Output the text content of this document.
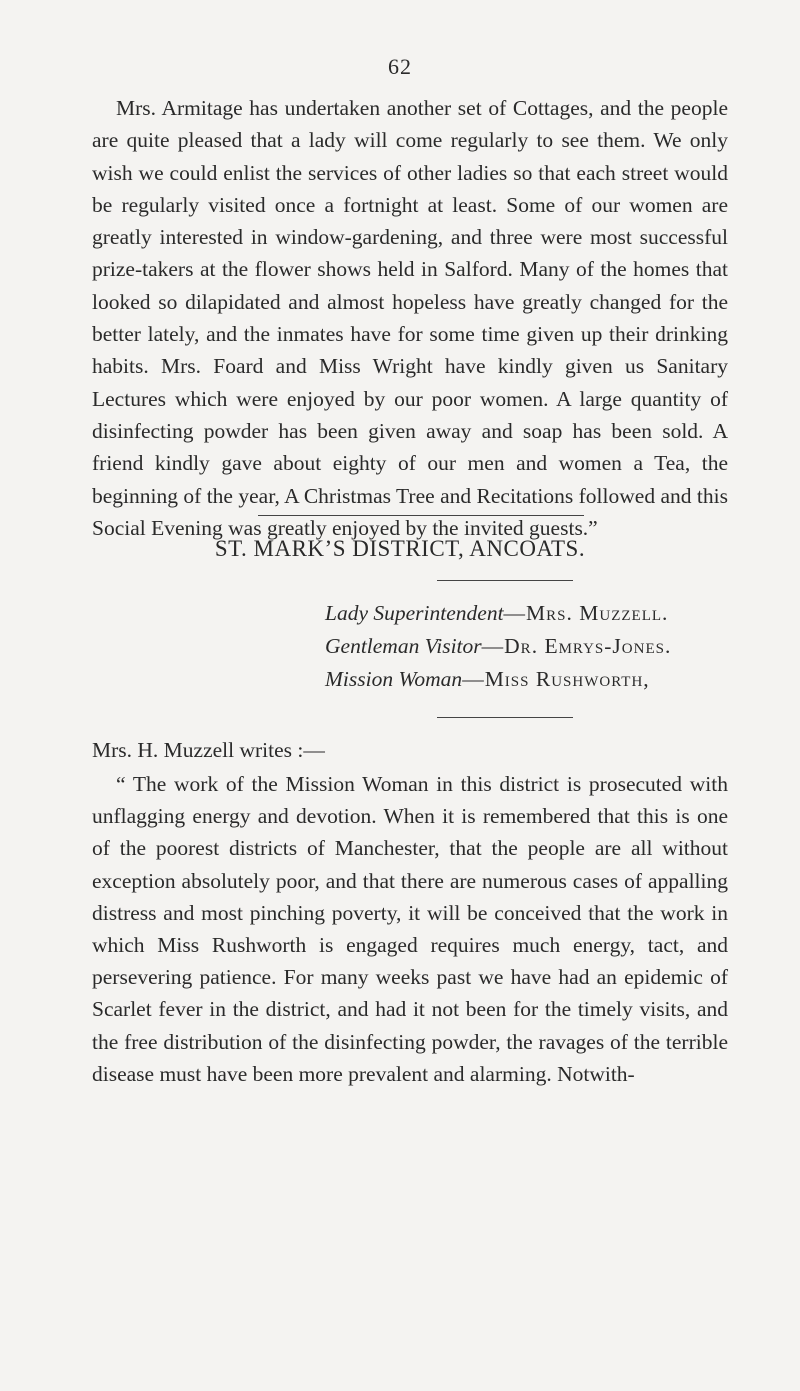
62
Mrs. Armitage has undertaken another set of Cottages, and the people are quite pleased that a lady will come regularly to see them. We only wish we could enlist the services of other ladies so that each street would be regularly visited once a fortnight at least. Some of our women are greatly interested in window-gardening, and three were most successful prize-takers at the flower shows held in Salford. Many of the homes that looked so dilapidated and almost hopeless have greatly changed for the better lately, and the inmates have for some time given up their drinking habits. Mrs. Foard and Miss Wright have kindly given us Sanitary Lectures which were enjoyed by our poor women. A large quantity of disinfecting powder has been given away and soap has been sold. A friend kindly gave about eighty of our men and women a Tea, the beginning of the year, A Christmas Tree and Recitations followed and this Social Evening was greatly enjoyed by the invited guests.”
ST. MARK’S DISTRICT, ANCOATS.
Lady Superintendent—Mrs. Muzzell.
Gentleman Visitor—Dr. Emrys-Jones.
Mission Woman—Miss Rushworth,
Mrs. H. Muzzell writes :—
“ The work of the Mission Woman in this district is prosecuted with unflagging energy and devotion. When it is remembered that this is one of the poorest districts of Manchester, that the people are all without exception absolutely poor, and that there are numerous cases of appalling distress and most pinching poverty, it will be conceived that the work in which Miss Rushworth is engaged requires much energy, tact, and persevering patience. For many weeks past we have had an epidemic of Scarlet fever in the district, and had it not been for the timely visits, and the free distribution of the disinfecting powder, the ravages of the terrible disease must have been more prevalent and alarming. Notwith-
